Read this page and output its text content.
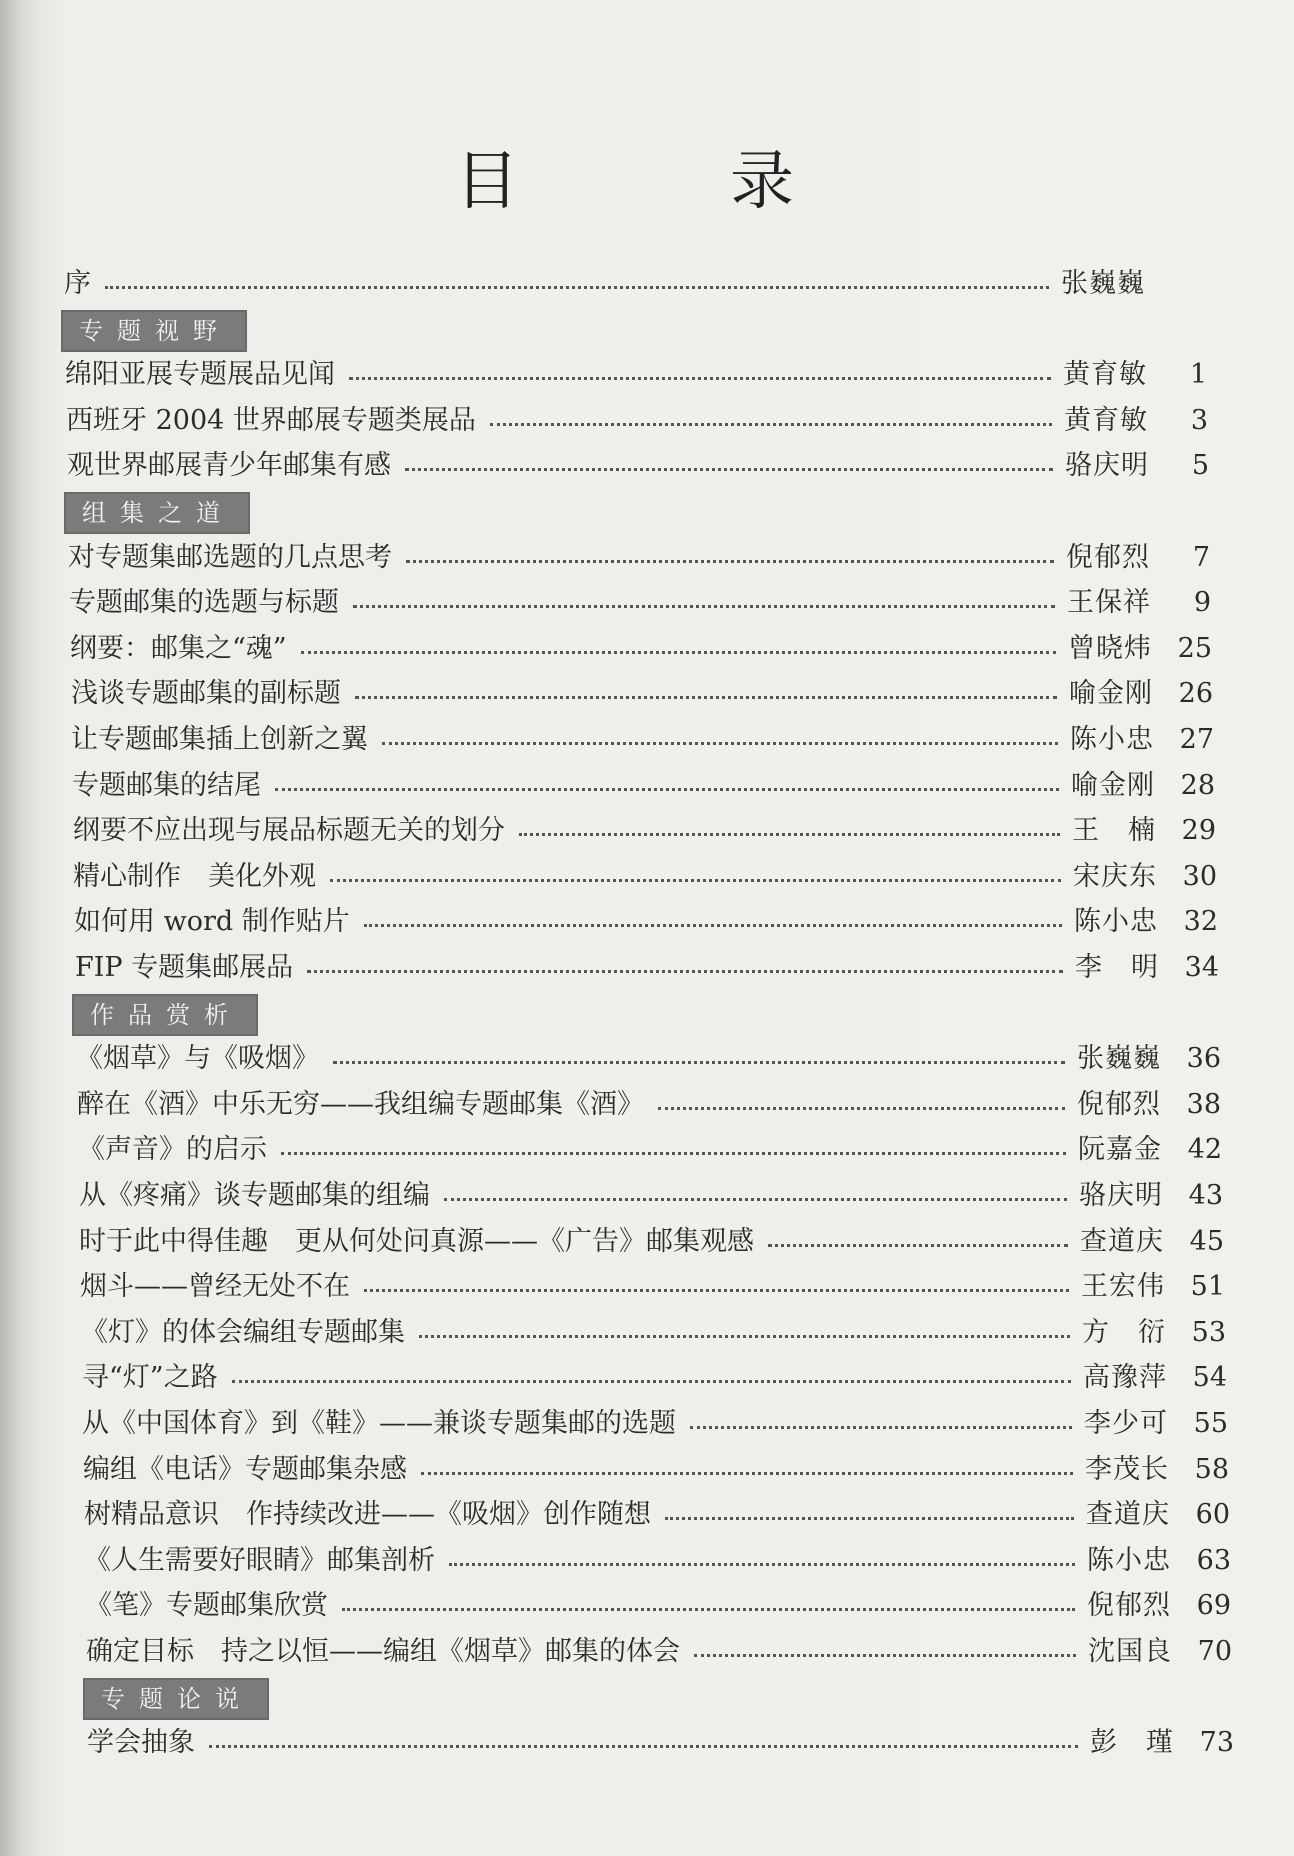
目	录
序	张巍巍
专题视野
绵阳亚展专题展品见闻	黄育敏	1
西班牙 2004 世界邮展专题类展品	黄育敏	3
观世界邮展青少年邮集有感	骆庆明	5
组集之道
对专题集邮选题的几点思考	倪郁烈	7
专题邮集的选题与标题	王保祥	9
纲要：邮集之“魂”	曾晓炜 25
浅谈专题邮集的副标题	喻金刚 26
让专题邮集插上创新之翼	陈小忠 27
专题邮集的结尾	喻金刚 28
纲要不应出现与展品标题无关的划分	王　楠 29
精心制作　美化外观	宋庆东 30
如何用 word 制作贴片	陈小忠 32
FIP 专题集邮展品	李　明 34
作品赏析
《烟草》与《吸烟》	张巍巍 36
醉在《酒》中乐无穷——我组编专题邮集《酒》	倪郁烈 38
《声音》的启示	阮嘉金 42
从《疼痛》谈专题邮集的组编	骆庆明 43
时于此中得佳趣　更从何处问真源——《广告》邮集观感	查道庆 45
烟斗——曾经无处不在	王宏伟 51
《灯》的体会编组专题邮集	方　衍 53
寻“灯”之路	高豫萍 54
从《中国体育》到《鞋》——兼谈专题集邮的选题	李少可 55
编组《电话》专题邮集杂感	李茂长 58
树精品意识　作持续改进——《吸烟》创作随想	查道庆 60
《人生需要好眼睛》邮集剖析	陈小忠 63
《笔》专题邮集欣赏	倪郁烈 69
确定目标　持之以恒——编组《烟草》邮集的体会	沈国良 70
专题论说
学会抽象	彭　瑾 73
